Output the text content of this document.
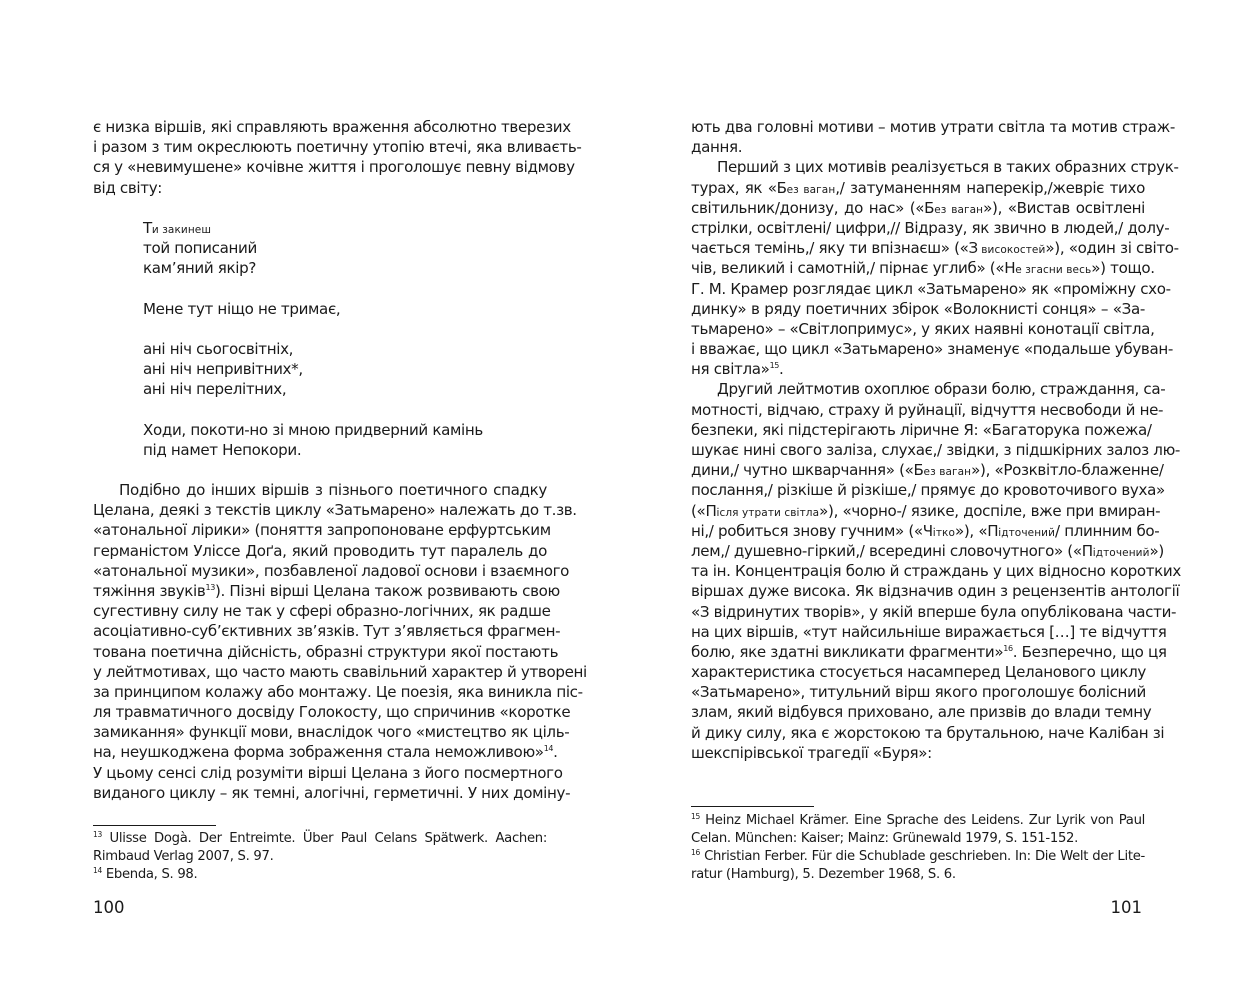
є низка віршів, які справляють враження абсолютно тверезих
і разом з тим окреслюють поетичну утопію втечі, яка вливаєть-
ся у «невимушене» кочівне життя і проголошує певну відмову
від світу:

Ти закинеш
той пописаний
кам’яний якір?
Мене тут ніщо не тримає,
ані ніч сьогосвітніх,
ані ніч непривітних*,
ані ніч перелітних,
Ходи, покоти-но зі мною придверний камінь
під намет Непокори.

Подібно до інших віршів з пізнього поетичного спадку
Целана, деякі з текстів циклу «Затьмарено» належать до т.зв.
«атональної лірики» (поняття запропоноване ерфуртським
германістом Уліссе Доґа, який проводить тут паралель до
«атональної музики», позбавленої ладової основи і взаємного
тяжіння звуків$^{13}$). Пізні вірші Целана також розвивають свою
сугестивну силу не так у сфері образно-логічних, як радше
асоціативно-суб’єктивних зв’язків. Тут з’являється фрагмен-
тована поетична дійсність, образні структури якої постають
у лейтмотивах, що часто мають свавільний характер й утворені
за принципом колажу або монтажу. Це поезія, яка виникла піс-
ля травматичного досвіду Голокосту, що спричинив «коротке
замикання» функції мови, внаслідок чого «мистецтво як ціль-
на, неушкоджена форма зображення стала неможливою»$^{14}$.
У цьому сенсі слід розуміти вірші Целана з його посмертного
виданого циклу – як темні, алогічні, герметичні. У них доміну-

$^{13}$ Ulisse Dogà. Der Entreimte. Über Paul Celans Spätwerk. Aachen:
Rimbaud Verlag 2007, S. 97.
$^{14}$ Ebenda, S. 98.
100

ють два головні мотиви – мотив утрати світла та мотив страж-
дання.

Перший з цих мотивів реалізується в таких образних струк-
турах, як «Без ваган,/ затуманенням наперекір,/жевріє тихо
світильник/донизу, до нас» («Без ваган»), «Вистав освітлені
стрілки, освітлені/ цифри,// Відразу, як звично в людей,/ долу-
чається темінь,/ яку ти впізнаєш» («З високостей»), «один зі світо-
чів, великий і самотній,/ пірнає углиб» («Не згасни весь») тощо.
Г. М. Крамер розглядає цикл «Затьмарено» як «проміжну схо-
динку» в ряду поетичних збірок «Волокнисті сонця» – «За-
тьмарено» – «Світлопримус», у яких наявні конотації світла,
і вважає, що цикл «Затьмарено» знаменує «подальше убуван-
ня світла»$^{15}$.

Другий лейтмотив охоплює образи болю, страждання, са-
мотності, відчаю, страху й руйнації, відчуття несвободи й не-
безпеки, які підстерігають ліричне Я: «Багаторука пожежа/
шукає нині свого заліза, слухає,/ звідки, з підшкірних залоз лю-
дини,/ чутно шкварчання» («Без ваган»), «Розквітло-блаженне/
послання,/ різкіше й різкіше,/ прямує до кровоточивого вуха»
(«Після утрати світла»), «чорно-/ язике, доспіле, вже при вмиран-
ні,/ робиться знову гучним» («Чітко»), «Підточений/ плинним бо-
лем,/ душевно-гіркий,/ всередині словочутного» («Підточений»)
та ін. Концентрація болю й страждань у цих відносно коротких
віршах дуже висока. Як відзначив один з рецензентів антології
«З відринутих творів», у якій вперше була опублікована части-
на цих віршів, «тут найсильніше виражається […] те відчуття
болю, яке здатні викликати фрагменти»$^{16}$. Безперечно, що ця
характеристика стосується насамперед Целанового циклу
«Затьмарено», титульний вірш якого проголошує болісний
злам, який відбувся приховано, але призвів до влади темну
й дику силу, яка є жорстокою та брутальною, наче Калібан зі
шекспірівської трагедії «Буря»:

$^{15}$ Heinz Michael Krämer. Eine Sprache des Leidens. Zur Lyrik von Paul
Celan. München: Kaiser; Mainz: Grünewald 1979, S. 151-152.
$^{16}$ Christian Ferber. Für die Schublade geschrieben. In: Die Welt der Lite-
ratur (Hamburg), 5. Dezember 1968, S. 6.
101
